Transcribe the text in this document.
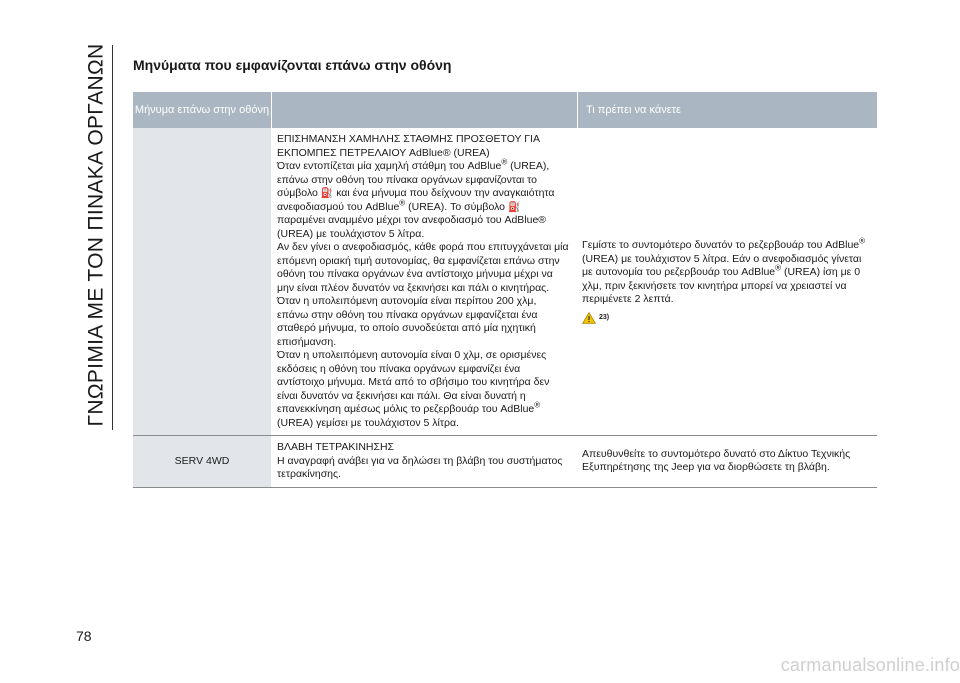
ΓΝΩΡΙΜΙΑ ΜΕ ΤΟΝ ΠΙΝΑΚΑ ΟΡΓΑΝΩΝ Μηνύματα που εμφανίζονται επάνω στην οθόνη
Μήνυμα επάνω στην οθόνη	Τι πρέπει να κάνετε

ΕΠΙΣΗΜΑΝΣΗ ΧΑΜΗΛΗΣ ΣΤΑΘΜΗΣ ΠΡΟΣΘΕΤΟΥ ΓΙΑ ΕΚΠΟΜΠΕΣ ΠΕΤΡΕΛΑΙΟΥ AdBlue® (UREA)

Όταν εντοπίζεται μία χαμηλή στάθμη του AdBlue® (UREA), επάνω στην οθόνη του πίνακα οργάνων εμφανίζονται το σύμβολο ⛽ και ένα μήνυμα που δείχνουν την αναγκαιότητα ανεφοδιασμού του AdBlue® (UREA). Το σύμβολο ⛽ παραμένει αναμμένο μέχρι τον ανεφοδιασμό του AdBlue® (UREA) με τουλάχιστον 5 λίτρα.

Αν δεν γίνει ο ανεφοδιασμός, κάθε φορά που επιτυγχάνεται μία επόμενη οριακή τιμή αυτονομίας, θα εμφανίζεται επάνω στην οθόνη του πίνακα οργάνων ένα αντίστοιχο μήνυμα μέχρι να μην είναι πλέον δυνατόν να ξεκινήσει και πάλι ο κινητήρας.

Όταν η υπολειπόμενη αυτονομία είναι περίπου 200 χλμ, επάνω στην οθόνη του πίνακα οργάνων εμφανίζεται ένα σταθερό μήνυμα, το οποίο συνοδεύεται από μία ηχητική επισήμανση.

Όταν η υπολειπόμενη αυτονομία είναι 0 χλμ, σε ορισμένες εκδόσεις η οθόνη του πίνακα οργάνων εμφανίζει ένα αντίστοιχο μήνυμα. Μετά από το σβήσιμο του κινητήρα δεν είναι δυνατόν να ξεκινήσει και πάλι. Θα είναι δυνατή η επανεκκίνηση αμέσως μόλις το ρεζερβουάρ του AdBlue® (UREA) γεμίσει με τουλάχιστον 5 λίτρα.

Γεμίστε το συντομότερο δυνατόν το ρεζερβουάρ του AdBlue® (UREA) με τουλάχιστον 5 λίτρα. Εάν ο ανεφοδιασμός γίνεται με αυτονομία του ρεζερβουάρ του AdBlue® (UREA) ίση με 0 χλμ, πριν ξεκινήσετε τον κινητήρα μπορεί να χρειαστεί να περιμένετε 2 λεπτά.

23)
SERV 4WD

ΒΛΑΒΗ ΤΕΤΡΑΚΙΝΗΣΗΣ

Η αναγραφή ανάβει για να δηλώσει τη βλάβη του συστήματος τετρακίνησης.

Απευθυνθείτε το συντομότερο δυνατό στο Δίκτυο Τεχνικής Εξυπηρέτησης της Jeep για να διορθώσετε τη βλάβη.

78
carmanualsonline.info
